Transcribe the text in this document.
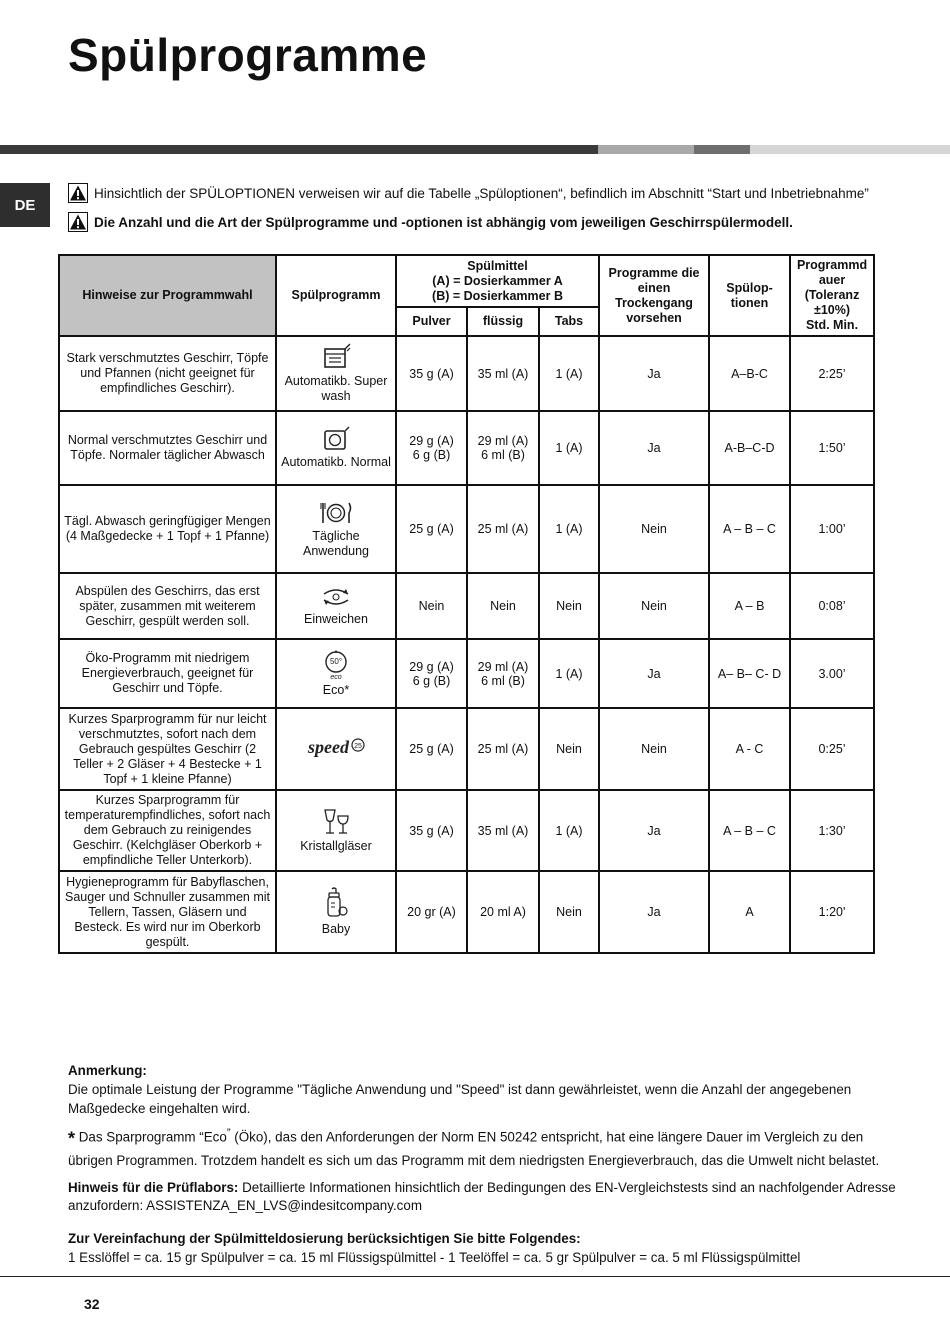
Spülprogramme
DE
Hinsichtlich der SPÜLOPTIONEN verweisen wir auf die Tabelle „Spüloptionen“, befindlich im Abschnitt “Start und Inbetriebnahme”
Die Anzahl und die Art der Spülprogramme und -optionen ist abhängig vom jeweiligen Geschirrspülermodell.
Hinweise zur Programmwahl	Spülprogramm	Spülmittel
(A) = Dosierkammer A
(B) = Dosierkammer B			Programme die
einen
Trockengang
vorsehen	Spülop-
tionen	Programmd
auer
(Toleranz
±10%)
Std. Min.

		Pulver	flüssig	Tabs			
Stark verschmutztes Geschirr, Töpfe und Pfannen (nicht geeignet für empfindliches Geschirr).	Automatikb. Super wash	35 g (A)	35 ml (A)	1 (A)	Ja	A–B-C	2:25’
Normal verschmutztes Geschirr und Töpfe. Normaler täglicher Abwasch	Automatikb. Normal	29 g (A)
6 g (B)	29 ml (A)
6 ml (B)	1 (A)	Ja	A-B–C-D	1:50’
Tägl. Abwasch geringfügiger Mengen
(4 Maßgedecke + 1 Topf + 1 Pfanne)	Tägliche Anwendung	25 g (A)	25 ml (A)	1 (A)	Nein	A – B – C	1:00’
Abspülen des Geschirrs, das erst später, zusammen mit weiterem Geschirr, gespült werden soll.	Einweichen	Nein	Nein	Nein	Nein	A – B	0:08’
Öko-Programm mit niedrigem Energieverbrauch, geeignet für Geschirr und Töpfe.	50°
eco
Eco*	29 g (A)
6 g (B)	29 ml (A)
6 ml (B)	1 (A)	Ja	A– B– C- D	3.00’
Kurzes Sparprogramm für nur leicht verschmutztes, sofort nach dem Gebrauch gespültes Geschirr (2 Teller + 2 Gläser + 4 Bestecke + 1 Topf + 1 kleine Pfanne)	speed 25	25 g (A)	25 ml (A)	Nein	Nein	A - C	0:25’
Kurzes Sparprogramm für temperaturempfindliches, sofort nach dem Gebrauch zu reinigendes Geschirr. (Kelchgläser Oberkorb + empfindliche Teller Unterkorb).	Kristallgläser	35 g (A)	35 ml (A)	1 (A)	Ja	A – B – C	1:30’
Hygieneprogramm für Babyflaschen, Sauger und Schnuller zusammen mit Tellern, Tassen, Gläsern und Besteck. Es wird nur im Oberkorb gespült.	Baby	20 gr (A)	20 ml A)	Nein	Ja	A	1:20'

Anmerkung:
Die optimale Leistung der Programme "Tägliche Anwendung und "Speed" ist dann gewährleistet, wenn die Anzahl der angegebenen Maßgedecke eingehalten wird.

* Das Sparprogramm “Eco” (Öko), das den Anforderungen der Norm EN 50242 entspricht, hat eine längere Dauer im Vergleich zu den übrigen Programmen. Trotzdem handelt es sich um das Programm mit dem niedrigsten Energieverbrauch, das die Umwelt nicht belastet.

Hinweis für die Prüflabors: Detaillierte Informationen hinsichtlich der Bedingungen des EN-Vergleichstests sind an nachfolgender Adresse anzufordern: ASSISTENZA_EN_LVS@indesitcompany.com

Zur Vereinfachung der Spülmitteldosierung berücksichtigen Sie bitte Folgendes:
1 Esslöffel = ca. 15 gr Spülpulver = ca. 15 ml Flüssigspülmittel - 1 Teelöffel = ca. 5 gr Spülpulver = ca. 5 ml Flüssigspülmittel

32
